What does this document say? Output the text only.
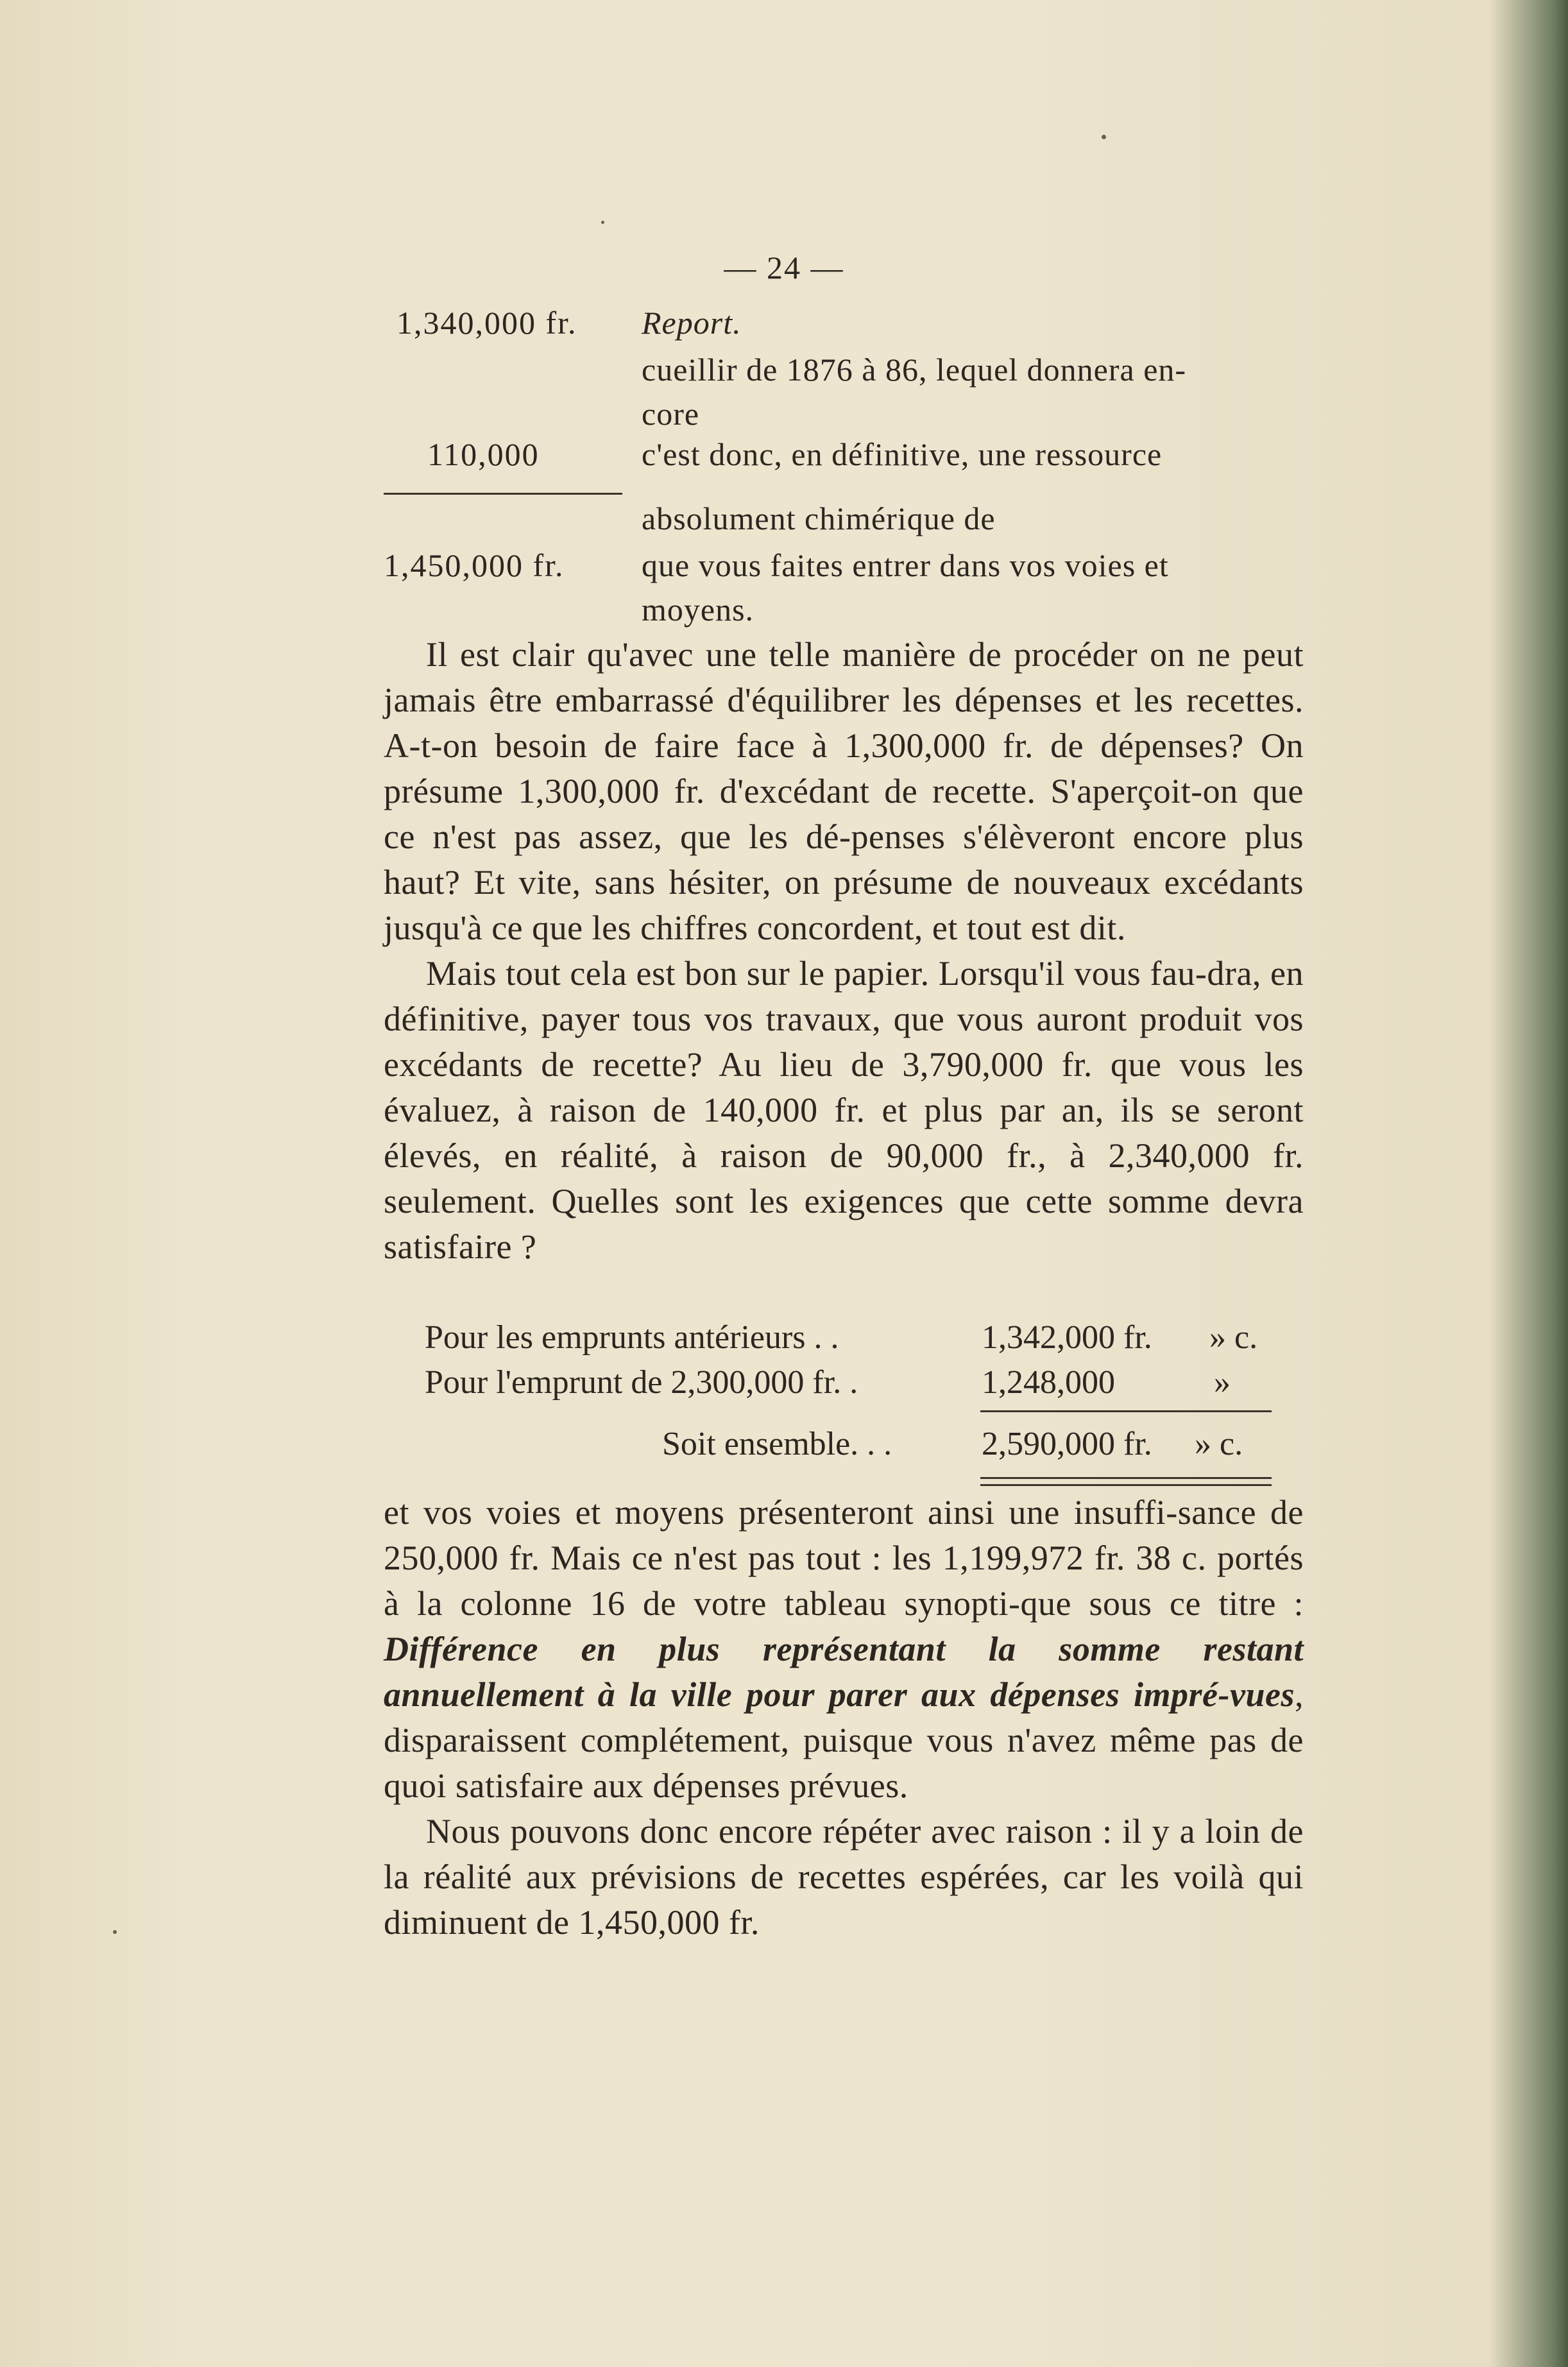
— 24 —
1,340,000 fr. Report.
cueillir de 1876 à 86, lequel donnera en-
core
110,000	c'est donc, en définitive, une ressource
absolument chimérique de
1,450,000 fr. que vous faites entrer dans vos voies et
moyens.

Il est clair qu'avec une telle manière de procéder on ne peut jamais être embarrassé d'équilibrer les dépenses et les recettes. A-t-on besoin de faire face à 1,300,000 fr. de dépenses? On présume 1,300,000 fr. d'excédant de recette. S'aperçoit-on que ce n'est pas assez, que les dé-penses s'élèveront encore plus haut? Et vite, sans hésiter, on présume de nouveaux excédants jusqu'à ce que les chiffres concordent, et tout est dit.

Mais tout cela est bon sur le papier. Lorsqu'il vous fau-dra, en définitive, payer tous vos travaux, que vous auront produit vos excédants de recette? Au lieu de 3,790,000 fr. que vous les évaluez, à raison de 140,000 fr. et plus par an, ils se seront élevés, en réalité, à raison de 90,000 fr., à 2,340,000 fr. seulement. Quelles sont les exigences que cette somme devra satisfaire ?

Pour les emprunts antérieurs . .	1,342,000 fr. » c.
Pour l'emprunt de 2,300,000 fr. .	1,248,000	»
Soit ensemble. . .	2,590,000 fr. » c.

et vos voies et moyens présenteront ainsi une insuffi-sance de 250,000 fr. Mais ce n'est pas tout : les 1,199,972 fr. 38 c. portés à la colonne 16 de votre tableau synopti-que sous ce titre : Différence en plus représentant la somme restant annuellement à la ville pour parer aux dépenses impré-vues, disparaissent complétement, puisque vous n'avez même pas de quoi satisfaire aux dépenses prévues.

Nous pouvons donc encore répéter avec raison : il y a loin de la réalité aux prévisions de recettes espérées, car les voilà qui diminuent de 1,450,000 fr.
